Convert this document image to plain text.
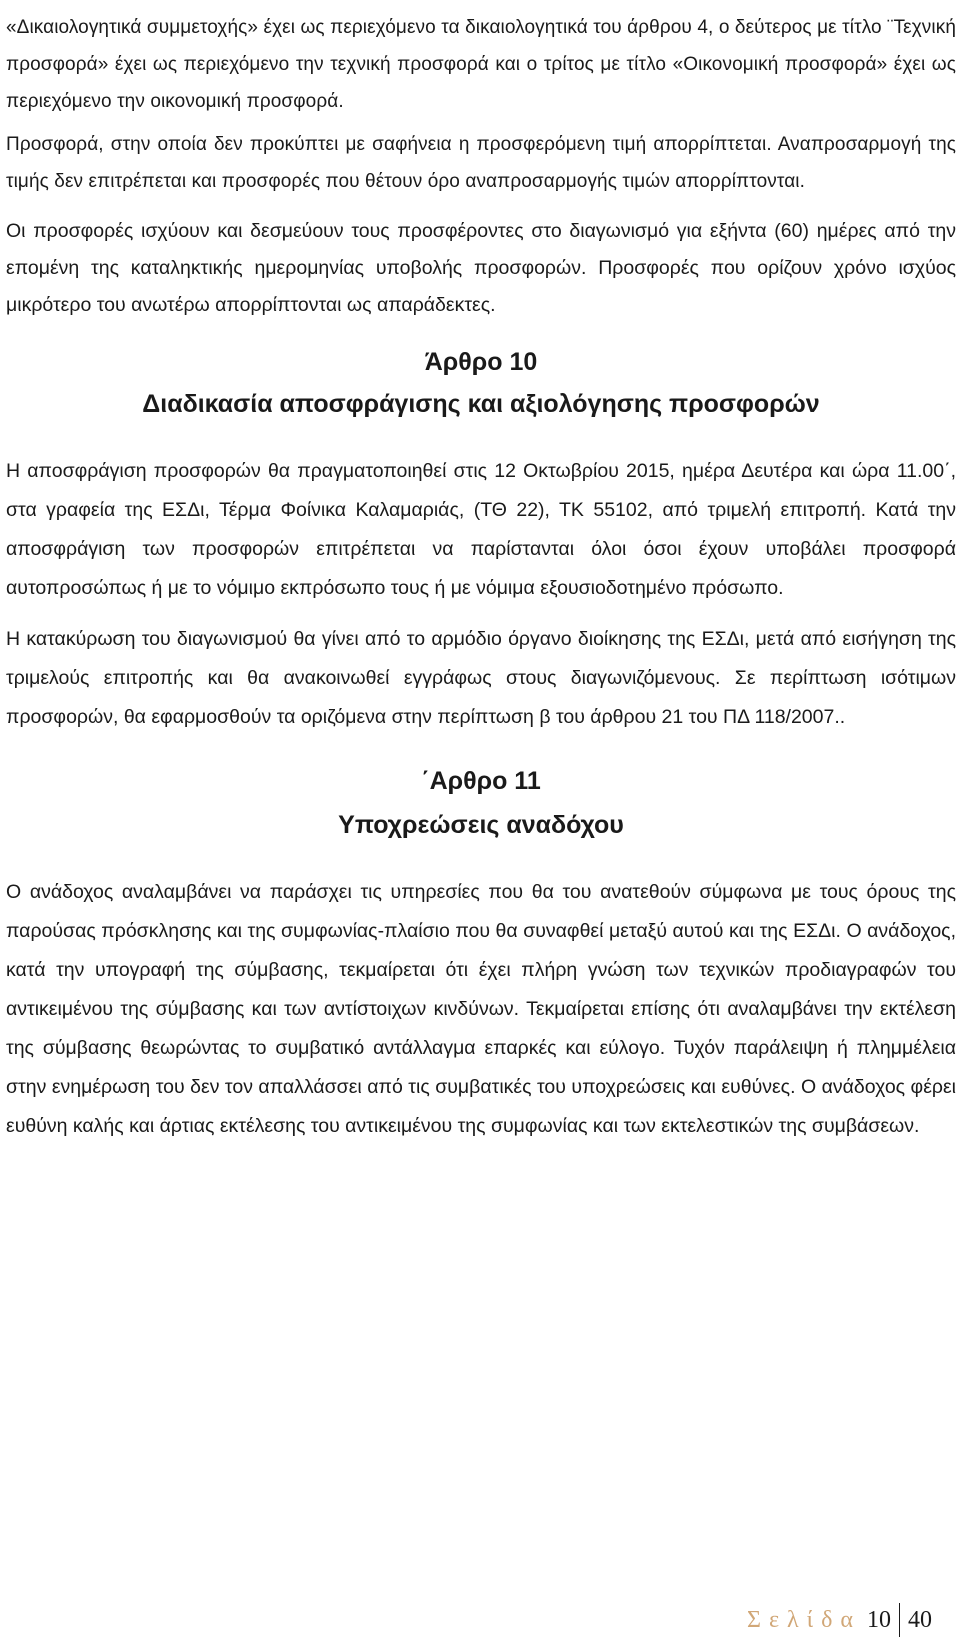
«Δικαιολογητικά συμμετοχής» έχει ως περιεχόμενο τα δικαιολογητικά του άρθρου 4, ο δεύτερος με τίτλο ¨Τεχνική προσφορά» έχει ως περιεχόμενο την τεχνική προσφορά και ο τρίτος με τίτλο «Οικονομική προσφορά» έχει ως περιεχόμενο την οικονομική προσφορά.

Προσφορά, στην οποία δεν προκύπτει με σαφήνεια η προσφερόμενη τιμή απορρίπτεται. Αναπροσαρμογή της τιμής δεν επιτρέπεται και προσφορές που θέτουν όρο αναπροσαρμογής τιμών απορρίπτονται.

Οι προσφορές ισχύουν και δεσμεύουν τους προσφέροντες στο διαγωνισμό για εξήντα (60) ημέρες από την επομένη της καταληκτικής ημερομηνίας υποβολής προσφορών. Προσφορές που ορίζουν χρόνο ισχύος μικρότερο του ανωτέρω απορρίπτονται ως απαράδεκτες.

Άρθρο 10
Διαδικασία αποσφράγισης και αξιολόγησης προσφορών

Η αποσφράγιση προσφορών θα πραγματοποιηθεί στις 12 Οκτωβρίου 2015, ημέρα Δευτέρα και ώρα 11.00΄, στα γραφεία της ΕΣΔι, Τέρμα Φοίνικα Καλαμαριάς, (ΤΘ 22), ΤΚ 55102, από τριμελή επιτροπή. Κατά την αποσφράγιση των προσφορών επιτρέπεται να παρίστανται όλοι όσοι έχουν υποβάλει προσφορά αυτοπροσώπως ή με το νόμιμο εκπρόσωπο τους ή με νόμιμα εξουσιοδοτημένο πρόσωπο.

Η κατακύρωση του διαγωνισμού θα γίνει από το αρμόδιο όργανο διοίκησης της ΕΣΔι, μετά από εισήγηση της τριμελούς επιτροπής και θα ανακοινωθεί εγγράφως στους διαγωνιζόμενους. Σε περίπτωση ισότιμων προσφορών, θα εφαρμοσθούν τα οριζόμενα στην περίπτωση β του άρθρου 21 του ΠΔ 118/2007..

΄Αρθρο 11
Υποχρεώσεις αναδόχου

Ο ανάδοχος αναλαμβάνει να παράσχει τις υπηρεσίες που θα του ανατεθούν σύμφωνα με τους όρους της παρούσας πρόσκλησης και της συμφωνίας-πλαίσιο που θα συναφθεί μεταξύ αυτού και της ΕΣΔι. Ο ανάδοχος, κατά την υπογραφή της σύμβασης, τεκμαίρεται ότι έχει πλήρη γνώση των τεχνικών προδιαγραφών του αντικειμένου της σύμβασης και των αντίστοιχων κινδύνων. Τεκμαίρεται επίσης ότι αναλαμβάνει την εκτέλεση της σύμβασης θεωρώντας το συμβατικό αντάλλαγμα επαρκές και εύλογο. Τυχόν παράλειψη ή πλημμέλεια στην ενημέρωση του δεν τον απαλλάσσει από τις συμβατικές του υποχρεώσεις και ευθύνες. Ο ανάδοχος φέρει ευθύνη καλής και άρτιας εκτέλεσης του αντικειμένου της συμφωνίας και των εκτελεστικών της συμβάσεων.

Σελίδα 10 40
